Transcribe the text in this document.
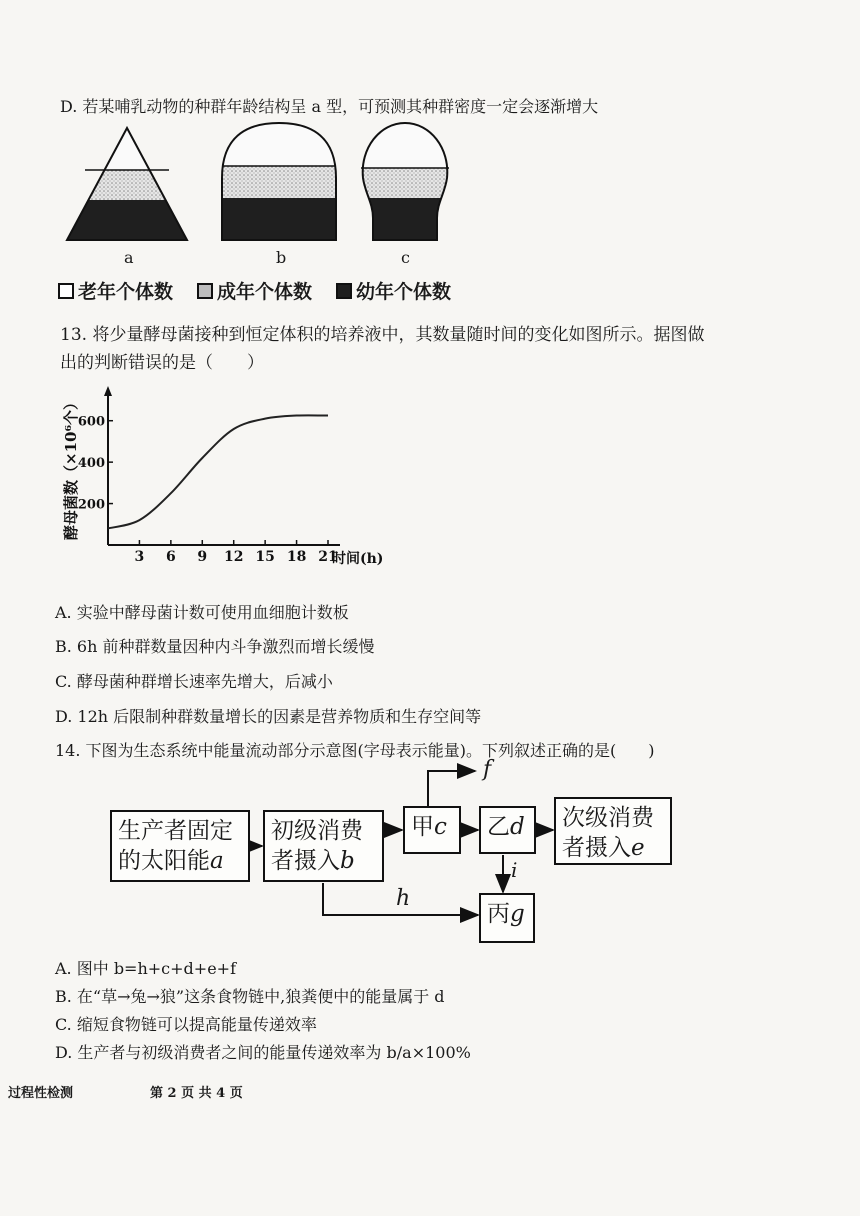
D. 若某哺乳动物的种群年龄结构呈 a 型，可预测其种群密度一定会逐渐增大
a	b	c
老年个体数 成年个体数 幼年个体数
13. 将少量酵母菌接种到恒定体积的培养液中，其数量随时间的变化如图所示。据图做
出的判断错误的是（　　）
3 6 9 12 15 18 21
200
400
600
酵母菌数（×10⁶个）
时间(h)
A. 实验中酵母菌计数可使用血细胞计数板
B. 6h 前种群数量因种内斗争激烈而增长缓慢
C. 酵母菌种群增长速率先增大，后减小
D. 12h 后限制种群数量增长的因素是营养物质和生存空间等
14. 下图为生态系统中能量流动部分示意图(字母表示能量)。下列叙述正确的是(　　)
生产者固定
的太阳能a
初级消费
者摄入b
甲c	乙d	次级消费
者摄入e
丙g
f
h
i
A. 图中 b=h+c+d+e+f
B. 在“草→兔→狼”这条食物链中,狼粪便中的能量属于 d
C. 缩短食物链可以提高能量传递效率
D. 生产者与初级消费者之间的能量传递效率为 b/a×100%
过程性检测	第 2 页 共 4 页
